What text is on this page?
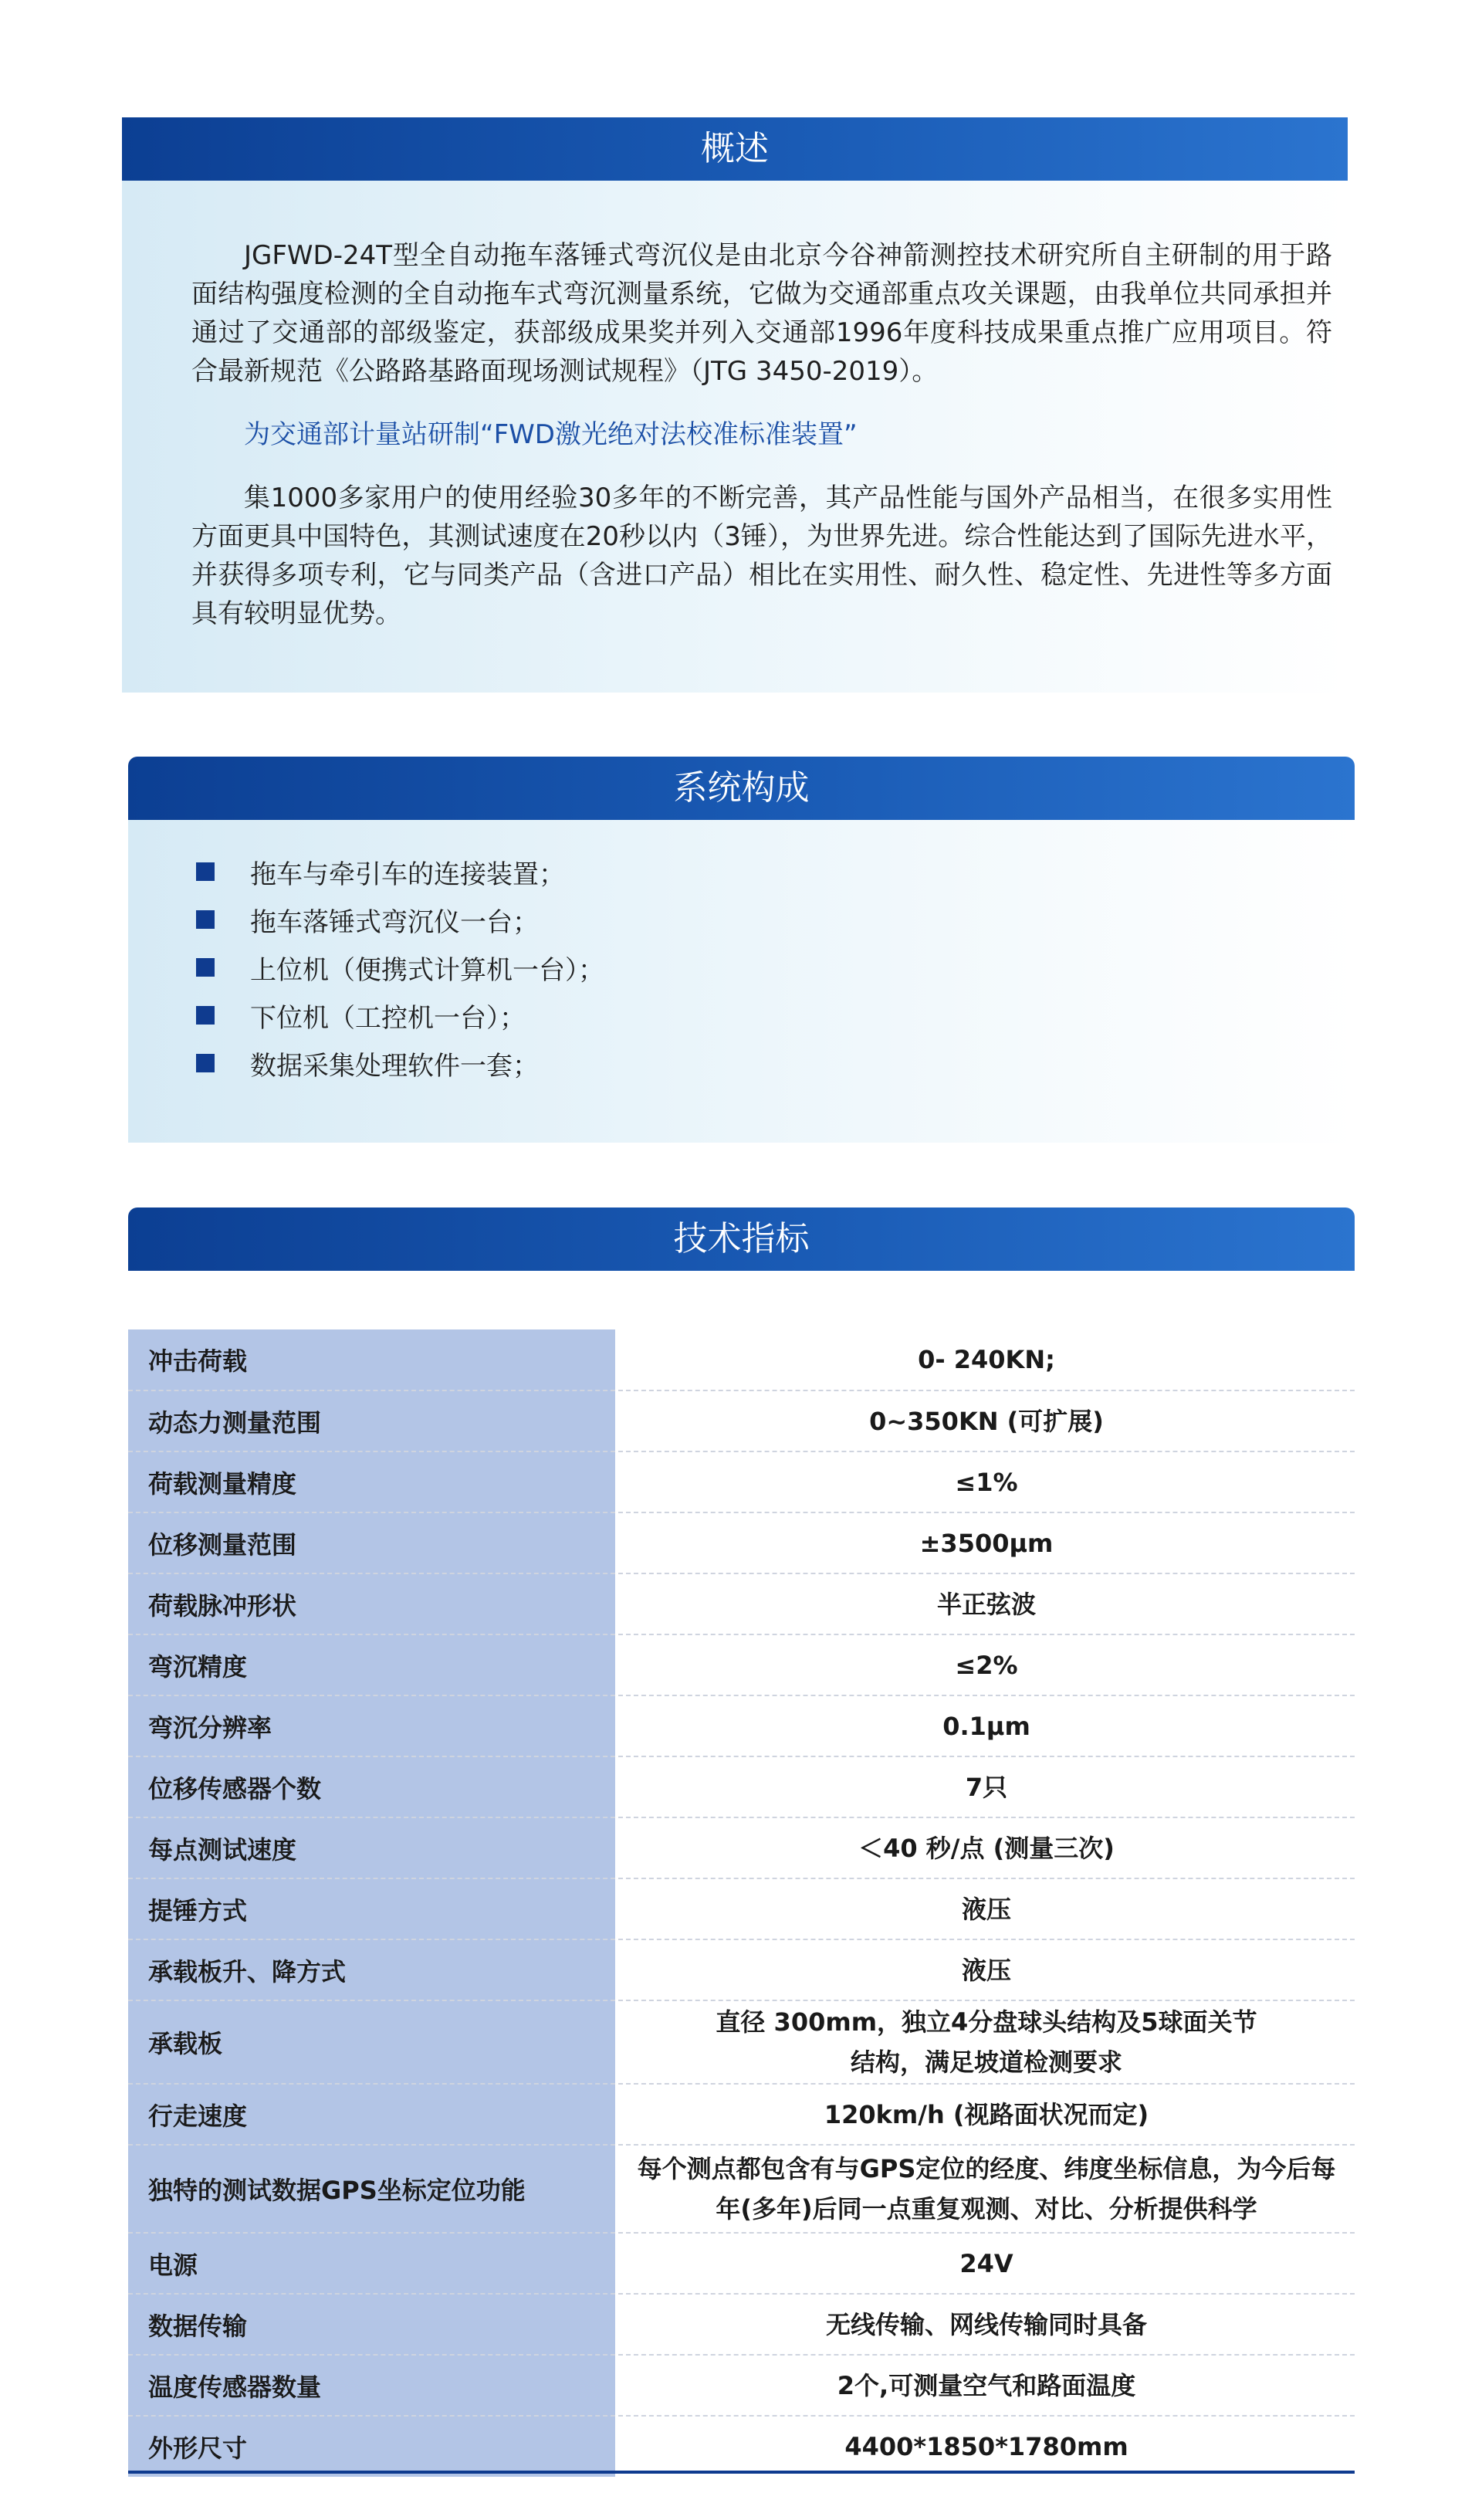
概述

JGFWD-24T型全自动拖车落锤式弯沉仪是由北京今谷神箭测控技术研究所自主研制的用于路面结构强度检测的全自动拖车式弯沉测量系统，它做为交通部重点攻关课题，由我单位共同承担并通过了交通部的部级鉴定，获部级成果奖并列入交通部1996年度科技成果重点推广应用项目。符合最新规范《公路路基路面现场测试规程》（JTG 3450-2019）。

为交通部计量站研制“FWD激光绝对法校准标准装置”

集1000多家用户的使用经验30多年的不断完善，其产品性能与国外产品相当，在很多实用性方面更具中国特色，其测试速度在20秒以内（3锤），为世界先进。综合性能达到了国际先进水平，并获得多项专利，它与同类产品（含进口产品）相比在实用性、耐久性、稳定性、先进性等多方面具有较明显优势。

系统构成
拖车与牵引车的连接装置；
拖车落锤式弯沉仪一台；
上位机（便携式计算机一台）；
下位机（工控机一台）；
数据采集处理软件一套；
技术指标
冲击荷载	0- 240KN;
动态力测量范围	0~350KN (可扩展)
荷载测量精度	≤1%
位移测量范围	±3500μm
荷载脉冲形状	半正弦波
弯沉精度	≤2%
弯沉分辨率	0.1μm
位移传感器个数	7只
每点测试速度	＜40 秒/点 (测量三次)
提锤方式	液压
承载板升、降方式	液压
承载板	直径 300mm，独立4分盘球头结构及5球面关节结构，满足坡道检测要求
行走速度	120km/h (视路面状况而定)
独特的测试数据GPS坐标定位功能	每个测点都包含有与GPS定位的经度、纬度坐标信息，为今后每年(多年)后同一点重复观测、对比、分析提供科学
电源	24V
数据传输	无线传输、网线传输同时具备
温度传感器数量	2个,可测量空气和路面温度
外形尺寸	4400*1850*1780mm
